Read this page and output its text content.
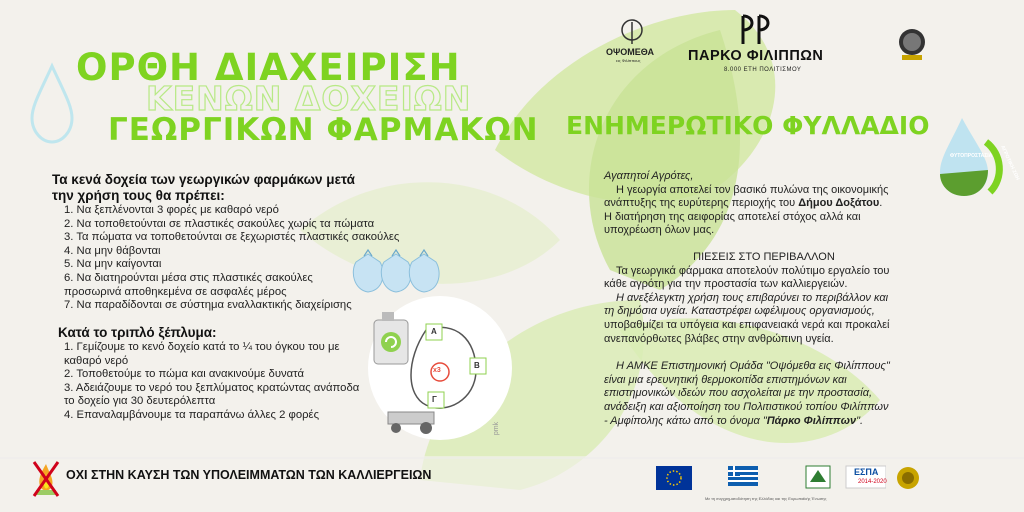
ΟΡΘΗ ΔΙΑΧΕΙΡΙΣΗ
ΚΕΝΩΝ ΔΟΧΕΙΩΝ
ΓΕΩΡΓΙΚΩΝ ΦΑΡΜΑΚΩΝ
Τα κενά δοχεία των γεωργικών φαρμάκων μετά
την χρήση τους θα πρέπει:
1. Να ξεπλένονται 3 φορές με καθαρό νερό
2. Να τοποθετούνται σε πλαστικές σακούλες χωρίς τα πώματα
3. Τα πώματα να τοποθετούνται σε ξεχωριστές πλαστικές σακούλες
4. Να μην θάβονται
5. Να μην καίγονται
6. Να διατηρούνται μέσα στις πλαστικές σακούλες
προσωρινά αποθηκεμένα σε ασφαλές μέρος
7. Να παραδίδονται σε σύστημα εναλλακτικής διαχείρισης
Κατά το τριπλό ξέπλυμα:
1. Γεμίζουμε το κενό δοχείο κατά το ¼ του όγκου του με
καθαρό νερό
2. Τοποθετούμε το πώμα και ανακινούμε δυνατά
3. Αδειάζουμε το νερό του ξεπλύματος κρατώντας ανάποδα
το δοχείο για 30 δευτερόλεπτα
4. Επαναλαμβάνουμε τα παραπάνω άλλες 2 φορές
Α
Β
Γ
x3
pmk
ΟΨΟΜΕΘΑ
εις Φιλίππους	ΠΑΡΚΟ ΦΙΛΙΠΠΩΝ
8.000 ΕΤΗ ΠΟΛΙΤΙΣΜΟΥ
ΕΝΗΜΕΡΩΤΙΚΟ ΦΥΛΛΑΔΙΟ
ΦΥΤΟΠΡΟΣΤΑΣΙΑ ΑΓΡΟΤΙΚΗ ΖΩΗ

Αγαπητοί Αγρότες,

Η γεωργία αποτελεί τον βασικό πυλώνα της οικονομικής

ανάπτυξης της ευρύτερης περιοχής του Δήμου Δοξάτου.

Η διατήρηση της αειφορίας αποτελεί στόχος αλλά και

υποχρέωση όλων μας.

ΠΙΕΣΕΙΣ ΣΤΟ ΠΕΡΙΒΑΛΛΟΝ

Τα γεωργικά φάρμακα αποτελούν πολύτιμο εργαλείο του

κάθε αγρότη για την προστασία των καλλιεργειών.

Η ανεξέλεγκτη χρήση τους επιβαρύνει το περιβάλλον και

τη δημόσια υγεία. Καταστρέφει ωφέλιμους οργανισμούς,

υποβαθμίζει τα υπόγεια και επιφανειακά νερά και προκαλεί

ανεπανόρθωτες βλάβες στην ανθρώπινη υγεία.

Η ΑΜΚΕ Επιστημονική Ομάδα "Οψόμεθα εις Φιλίππους"

είναι μια ερευνητική θερμοκοιτίδα επιστημόνων και

επιστημονικών ιδεών που ασχολείται με την προστασία,

ανάδειξη και αξιοποίηση του Πολιτιστικού τοπίου Φιλίππων

- Αμφίπολης κάτω από το όνομα "Πάρκο Φιλίππων".

ΟΧΙ ΣΤΗΝ ΚΑΥΣΗ ΤΩΝ ΥΠΟΛΕΙΜΜΑΤΩΝ ΤΩΝ ΚΑΛΛΙΕΡΓΕΙΩΝ	ΕΣΠΑ
2014-2020
Με τη συγχρηματοδότηση της Ελλάδας και της Ευρωπαϊκής Ένωσης
